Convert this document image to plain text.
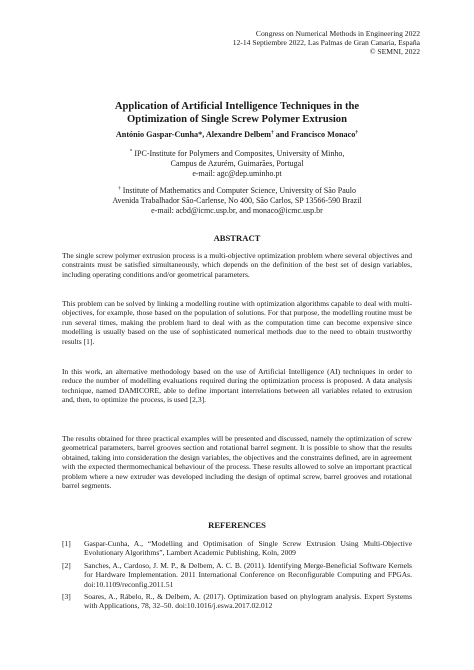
Congress on Numerical Methods in Engineering 2022
12-14 Septiembre 2022, Las Palmas de Gran Canaria, España
© SEMNI, 2022
Application of Artificial Intelligence Techniques in the
Optimization of Single Screw Polymer Extrusion
António Gaspar-Cunha*, Alexandre Delbem† and Francisco Monaco†
* IPC-Institute for Polymers and Composites, University of Minho,
Campus de Azurém, Guimarães, Portugal
e-mail: agc@dep.uminho.pt
† Institute of Mathematics and Computer Science, University of São Paulo
Avenida Trabalhador São-Carlense, No 400, São Carlos, SP 13566-590 Brazil
e-mail: acbd@icmc.usp.br, and monaco@icmc.usp.br
ABSTRACT

The single screw polymer extrusion process is a multi-objective optimization problem where several objectives and constraints must be satisfied simultaneously, which depends on the definition of the best set of design variables, including operating conditions and/or geometrical parameters.

This problem can be solved by linking a modelling routine with optimization algorithms capable to deal with multi-objectives, for example, those based on the population of solutions. For that purpose, the modelling routine must be run several times, making the problem hard to deal with as the computation time can become expensive since modelling is usually based on the use of sophisticated numerical methods due to the need to obtain trustworthy results [1].

In this work, an alternative methodology based on the use of Artificial Intelligence (AI) techniques in order to reduce the number of modelling evaluations required during the optimization process is proposed. A data analysis technique, named DAMICORE, able to define important interrelations between all variables related to extrusion and, then, to optimize the process, is used [2,3].

The results obtained for three practical examples will be presented and discussed, namely the optimization of screw geometrical parameters, barrel grooves section and rotational barrel segment. It is possible to show that the results obtained, taking into consideration the design variables, the objectives and the constraints defined, are in agreement with the expected thermomechanical behaviour of the process. These results allowed to solve an important practical problem where a new extruder was developed including the design of optimal screw, barrel grooves and rotational barrel segments.

REFERENCES
[1]	Gaspar-Cunha, A., “Modelling and Optimisation of Single Screw Extrusion Using Multi-Objective Evolutionary Algorithms”, Lambert Academic Publishing, Koln, 2009
[2]	Sanches, A., Cardoso, J. M. P., & Delbem, A. C. B. (2011). Identifying Merge-Beneficial Software Kernels for Hardware Implementation. 2011 International Conference on Reconfigurable Computing and FPGAs. doi:10.1109/reconfig.2011.51
[3]	Soares, A., Rábelo, R., & Delbem, A. (2017). Optimization based on phylogram analysis. Expert Systems with Applications, 78, 32–50. doi:10.1016/j.eswa.2017.02.012
